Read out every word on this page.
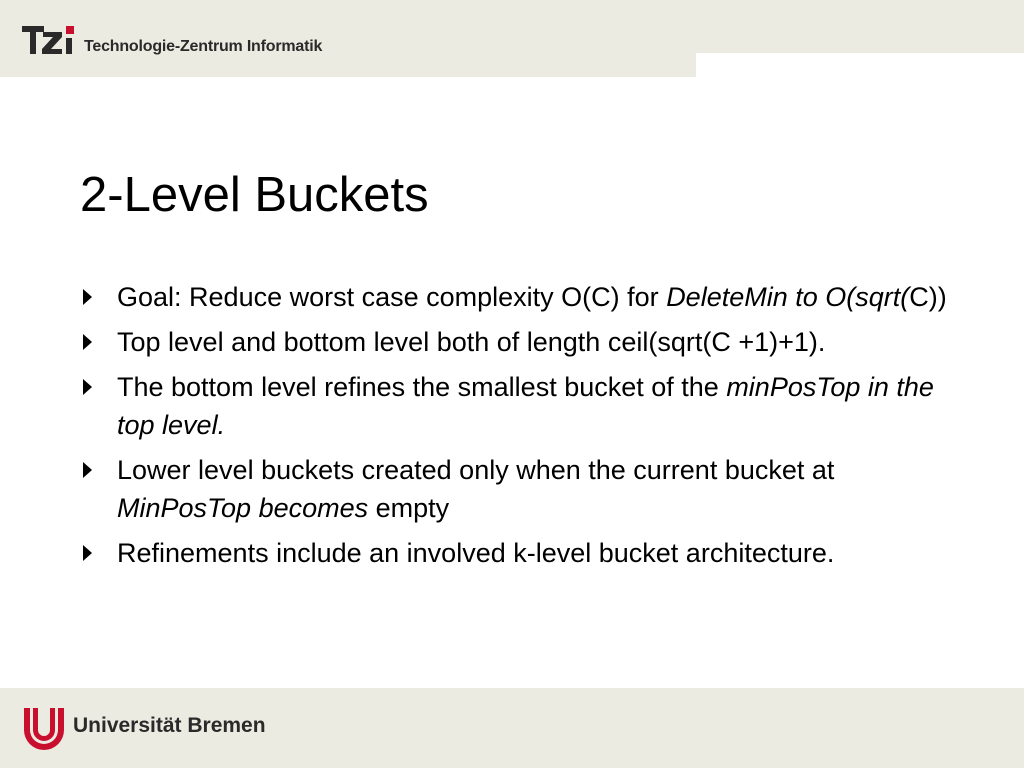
Technologie-Zentrum Informatik
2-Level Buckets
Goal: Reduce worst case complexity O(C) for DeleteMin to O(sqrt(C))
Top level and bottom level both of length ceil(sqrt(C +1)+1).
The bottom level refines the smallest bucket of the minPosTop in the top level.
Lower level buckets created only when the current bucket at MinPosTop becomes empty
Refinements include an involved k-level bucket architecture.
Universität Bremen
